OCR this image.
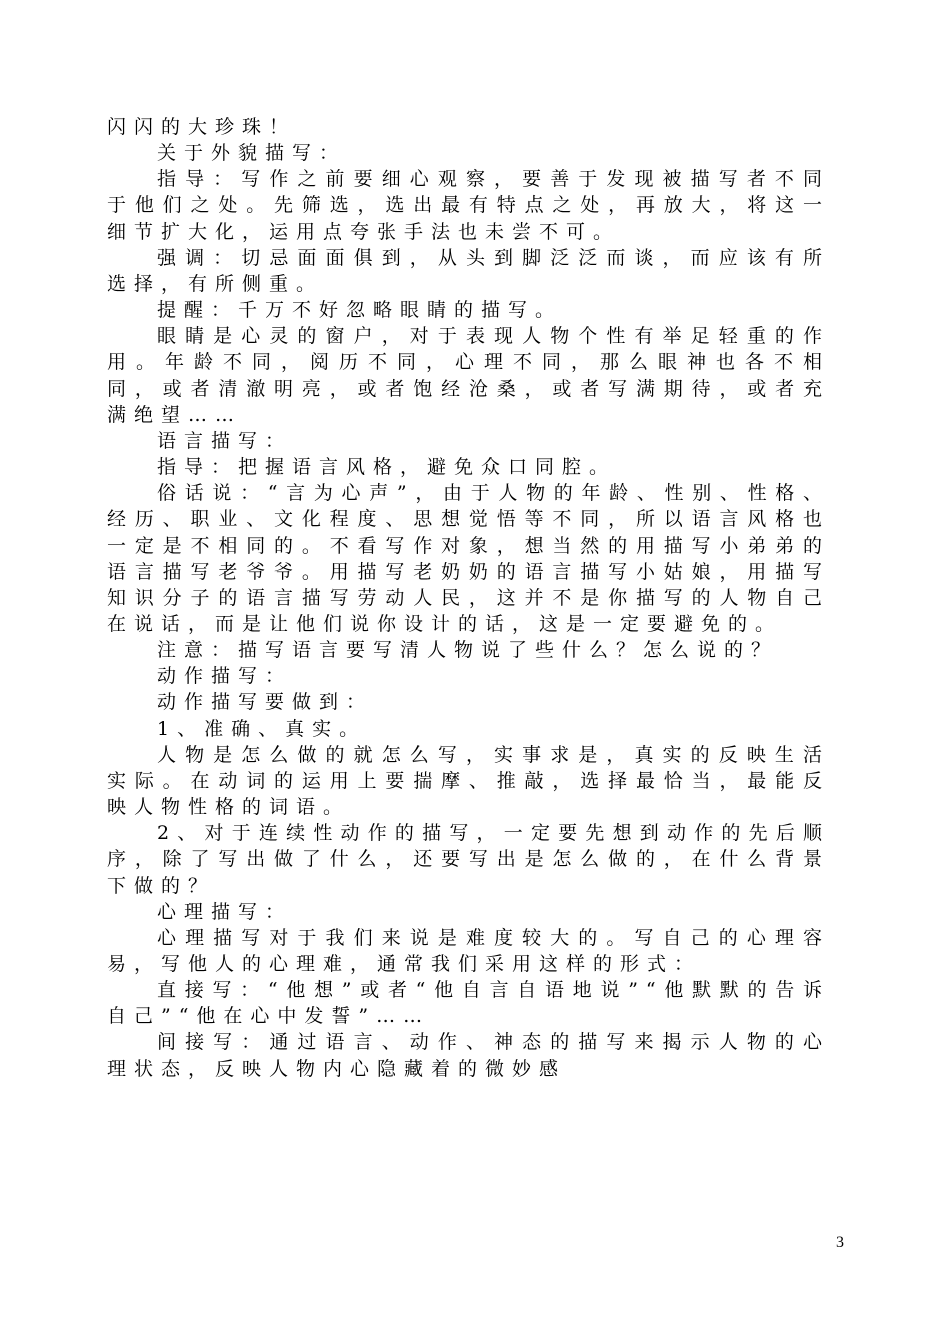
闪闪的大珍珠！

关于外貌描写：

指导：写作之前要细心观察，要善于发现被描写者不同于他们之处。先筛选，选出最有特点之处，再放大，将这一细节扩大化，运用点夸张手法也未尝不可。

强调：切忌面面俱到，从头到脚泛泛而谈，而应该有所选择，有所侧重。

提醒：千万不好忽略眼睛的描写。

眼睛是心灵的窗户，对于表现人物个性有举足轻重的作用。年龄不同，阅历不同，心理不同，那么眼神也各不相同，或者清澈明亮，或者饱经沧桑，或者写满期待，或者充满绝望……

语言描写：

指导：把握语言风格，避免众口同腔。

俗话说：“言为心声”，由于人物的年龄、性别、性格、经历、职业、文化程度、思想觉悟等不同，所以语言风格也一定是不相同的。不看写作对象，想当然的用描写小弟弟的语言描写老爷爷。用描写老奶奶的语言描写小姑娘，用描写知识分子的语言描写劳动人民，这并不是你描写的人物自己在说话，而是让他们说你设计的话，这是一定要避免的。

注意：描写语言要写清人物说了些什么？怎么说的？

动作描写：

动作描写要做到：

1、准确、真实。

人物是怎么做的就怎么写，实事求是，真实的反映生活实际。在动词的运用上要揣摩、推敲，选择最恰当，最能反映人物性格的词语。

2、对于连续性动作的描写，一定要先想到动作的先后顺序，除了写出做了什么，还要写出是怎么做的，在什么背景下做的？

心理描写：

心理描写对于我们来说是难度较大的。写自己的心理容易，写他人的心理难，通常我们采用这样的形式：

直接写：“他想”或者“他自言自语地说”“他默默的告诉自己”“他在心中发誓”……

间接写：通过语言、动作、神态的描写来揭示人物的心理状态，反映人物内心隐藏着的微妙感

3
